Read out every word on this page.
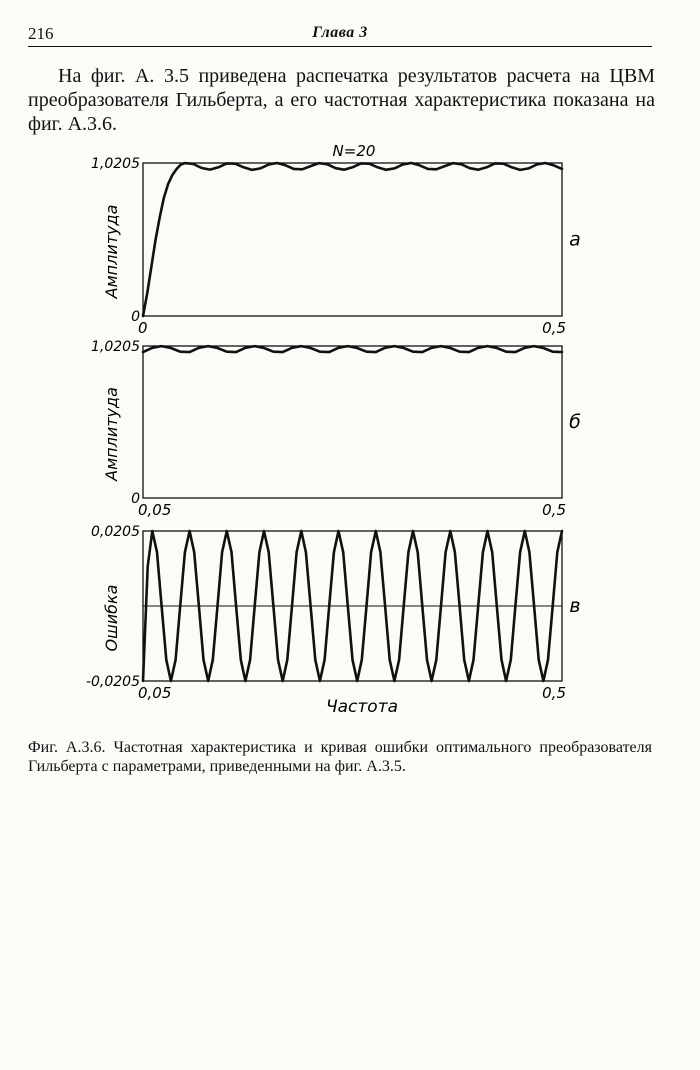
216	Глава 3

На фиг. А. 3.5 приведена распечатка результатов расчета на ЦВМ преобразователя Гильберта, а его частотная характеристика показана на фиг. А.3.6.

N=20
1,0205
0
0	0,5
Амплитуда	а
1,0205
0
0,05	0,5
Амплитуда	б
0,0205
-0,0205
0,05	0,5
Ошибка	в
Частота

Фиг. А.3.6. Частотная характеристика и кривая ошибки оптимального преобразователя Гильберта с параметрами, приведенными на фиг. А.3.5.
